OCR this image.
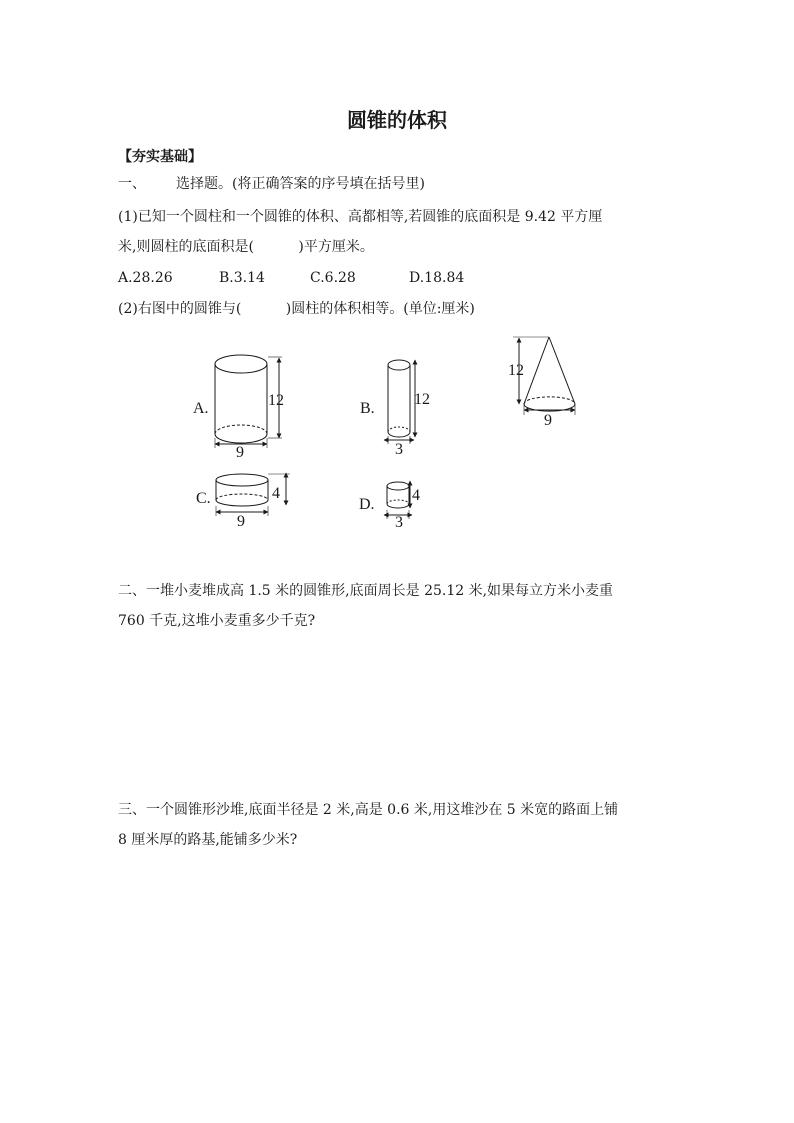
圆锥的体积
【夯实基础】
一、 选择题。(将正确答案的序号填在括号里)
(1)已知一个圆柱和一个圆锥的体积、高都相等,若圆锥的底面积是 9.42 平方厘
米,则圆柱的底面积是(          )平方厘米。
A.28.26	B.3.14	C.6.28	D.18.84
(2)右图中的圆锥与(          )圆柱的体积相等。(单位:厘米)
A.	12
9
B.
12
3
C.	4
9
D.
4
3
12
9
二、一堆小麦堆成高 1.5 米的圆锥形,底面周长是 25.12 米,如果每立方米小麦重
760 千克,这堆小麦重多少千克?
三、一个圆锥形沙堆,底面半径是 2 米,高是 0.6 米,用这堆沙在 5 米宽的路面上铺
8 厘米厚的路基,能铺多少米?
